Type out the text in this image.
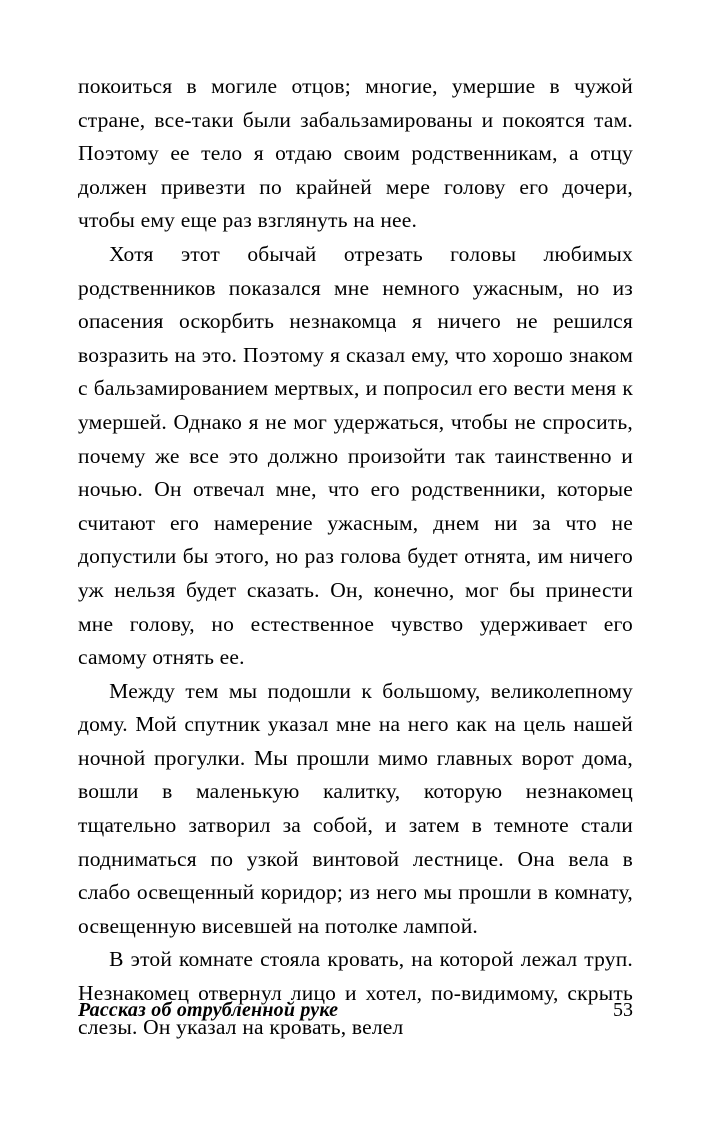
покоиться в могиле отцов; многие, умершие в чужой стране, все-таки были забальзамированы и покоятся там. Поэтому ее тело я отдаю своим родственникам, а отцу должен привезти по крайней мере голову его дочери, чтобы ему еще раз взглянуть на нее.

Хотя этот обычай отрезать головы любимых родственников показался мне немного ужасным, но из опасения оскорбить незнакомца я ничего не решился возразить на это. Поэтому я сказал ему, что хорошо знаком с бальзамированием мертвых, и попросил его вести меня к умершей. Однако я не мог удержаться, чтобы не спросить, почему же все это должно произойти так таинственно и ночью. Он отвечал мне, что его родственники, которые считают его намерение ужасным, днем ни за что не допустили бы этого, но раз голова будет отнята, им ничего уж нельзя будет сказать. Он, конечно, мог бы принести мне голову, но естественное чувство удерживает его самому отнять ее.

Между тем мы подошли к большому, великолепному дому. Мой спутник указал мне на него как на цель нашей ночной прогулки. Мы прошли мимо главных ворот дома, вошли в маленькую калитку, которую незнакомец тщательно затворил за собой, и затем в темноте стали подниматься по узкой винтовой лестнице. Она вела в слабо освещенный коридор; из него мы прошли в комнату, освещенную висевшей на потолке лампой.

В этой комнате стояла кровать, на которой лежал труп. Незнакомец отвернул лицо и хотел, по-видимому, скрыть слезы. Он указал на кровать, велел

Рассказ об отрубленной руке	53
